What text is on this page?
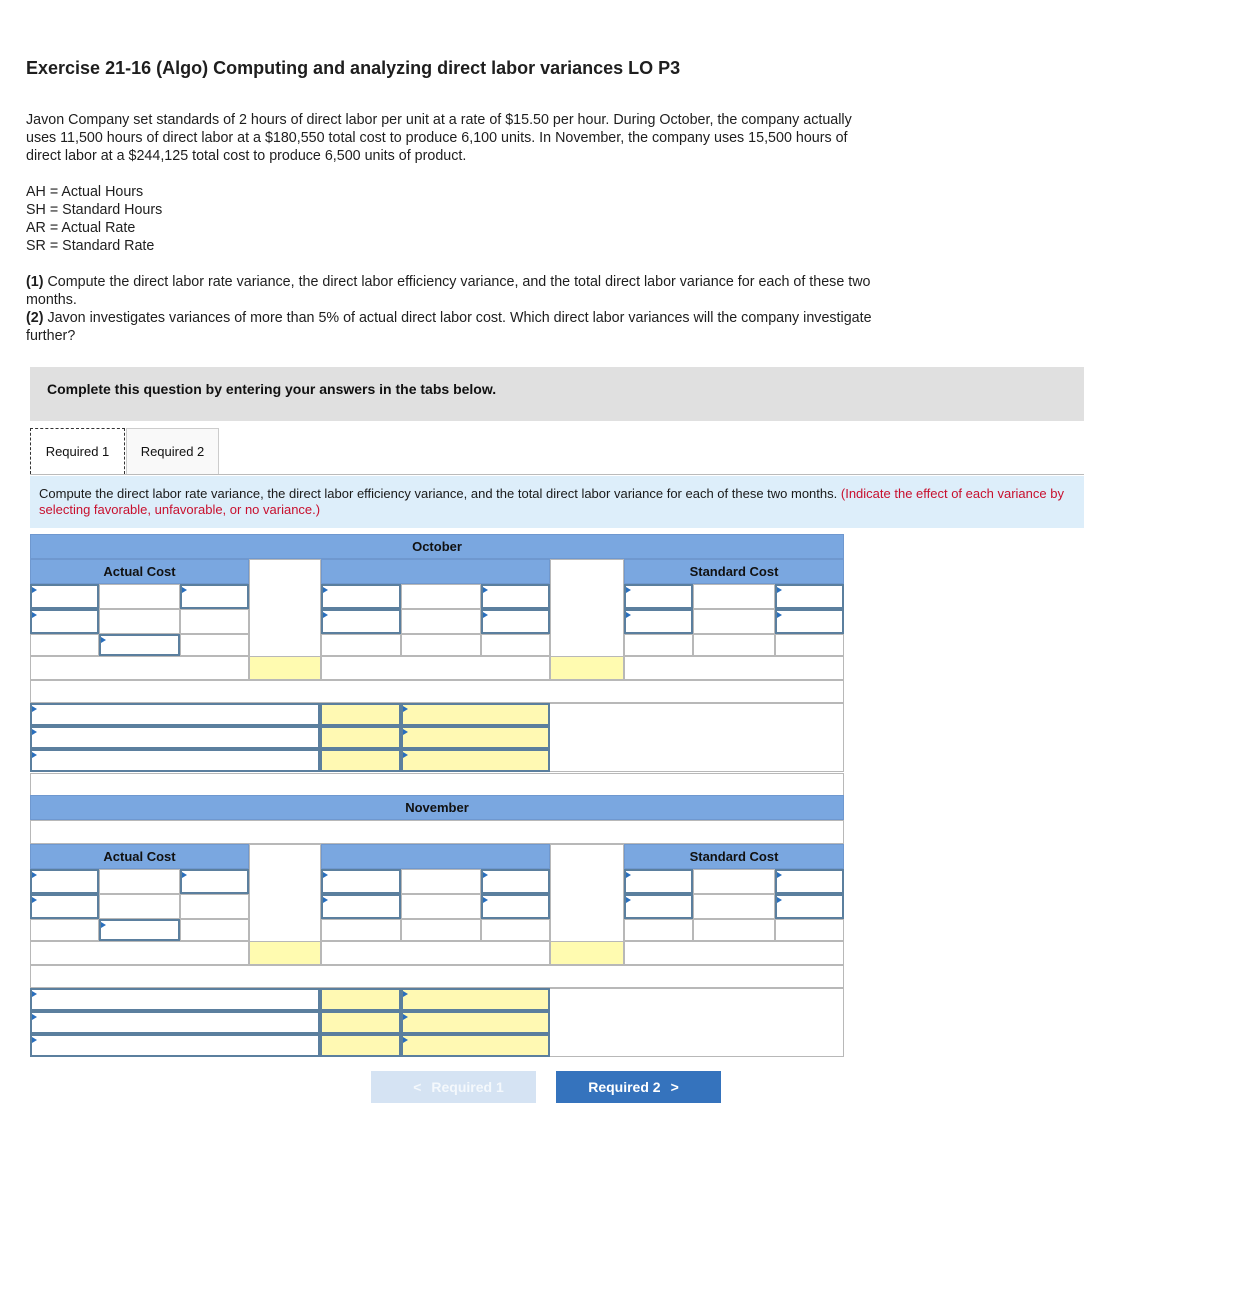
Exercise 21-16 (Algo) Computing and analyzing direct labor variances LO P3
Javon Company set standards of 2 hours of direct labor per unit at a rate of $15.50 per hour. During October, the company actually
uses 11,500 hours of direct labor at a $180,550 total cost to produce 6,100 units. In November, the company uses 15,500 hours of
direct labor at a $244,125 total cost to produce 6,500 units of product.
AH = Actual Hours
SH = Standard Hours
AR = Actual Rate
SR = Standard Rate
(1) Compute the direct labor rate variance, the direct labor efficiency variance, and the total direct labor variance for each of these two
months.
(2) Javon investigates variances of more than 5% of actual direct labor cost. Which direct labor variances will the company investigate
further?
Complete this question by entering your answers in the tabs below.
Required 1	Required 2
Compute the direct labor rate variance, the direct labor efficiency variance, and the total direct labor variance for each of these two months. (Indicate the effect of each variance by selecting favorable, unfavorable, or no variance.)
< Required 1	Required 2 >
October
Actual Cost	Standard Cost
November
Actual Cost	Standard Cost
